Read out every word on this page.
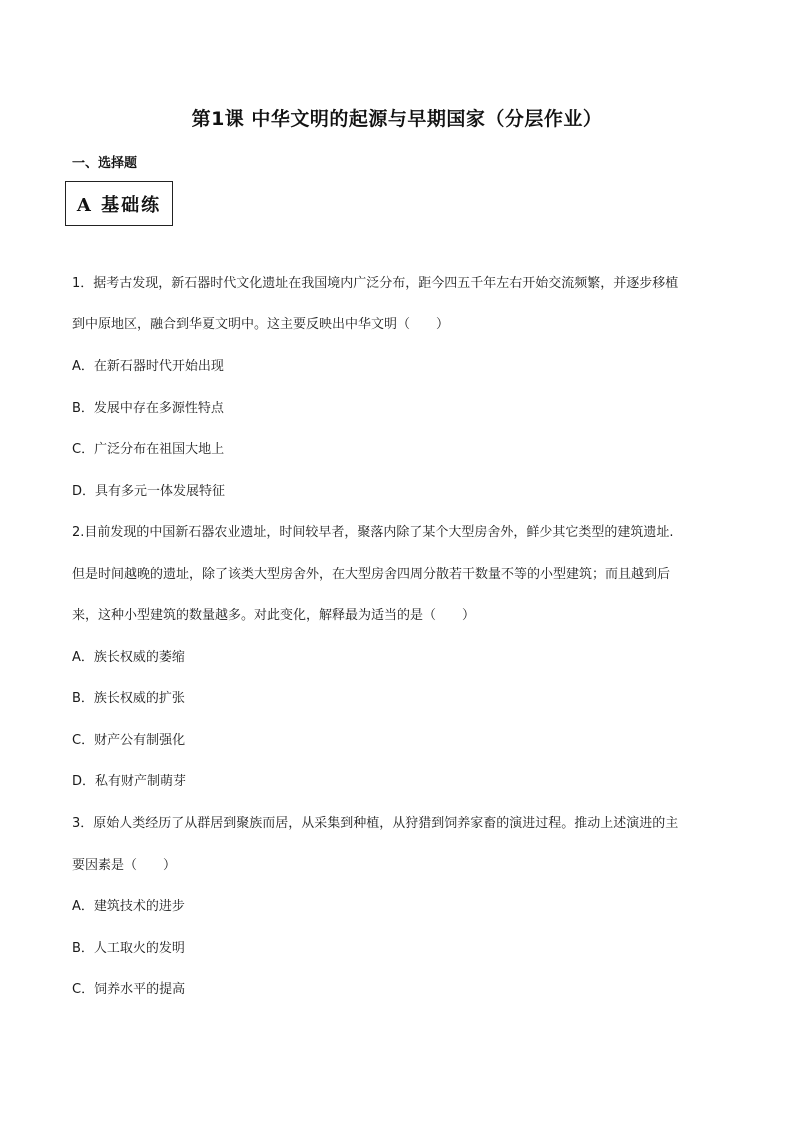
第1课 中华文明的起源与早期国家（分层作业）
一、选择题
A 基础练
1．据考古发现，新石器时代文化遗址在我国境内广泛分布，距今四五千年左右开始交流频繁，并逐步移植
到中原地区，融合到华夏文明中。这主要反映出中华文明（　　）
A．在新石器时代开始出现
B．发展中存在多源性特点
C．广泛分布在祖国大地上
D．具有多元一体发展特征
2.目前发现的中国新石器农业遗址，时间较早者，聚落内除了某个大型房舍外，鲜少其它类型的建筑遗址.
但是时间越晚的遗址，除了该类大型房舍外，在大型房舍四周分散若干数量不等的小型建筑；而且越到后
来，这种小型建筑的数量越多。对此变化，解释最为适当的是（　　）
A．族长权威的萎缩
B．族长权威的扩张
C．财产公有制强化
D．私有财产制萌芽
3．原始人类经历了从群居到聚族而居，从采集到种植，从狩猎到饲养家畜的演进过程。推动上述演进的主
要因素是（　　）
A．建筑技术的进步
B．人工取火的发明
C．饲养水平的提高
